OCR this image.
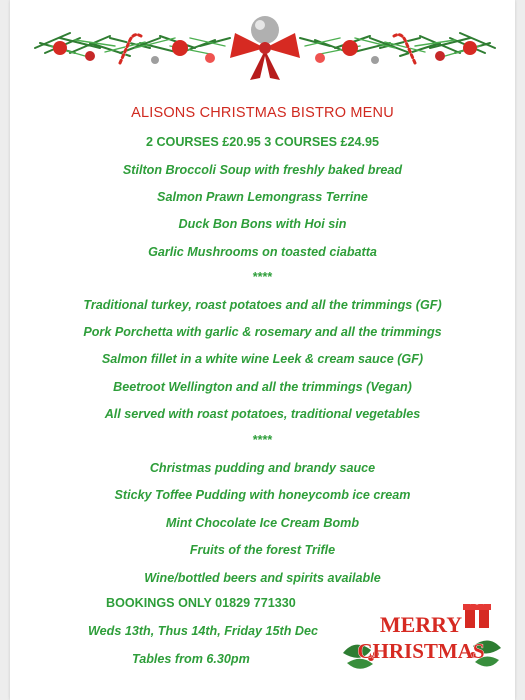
ALISONS CHRISTMAS BISTRO MENU
2 COURSES £20.95 3 COURSES £24.95
Stilton Broccoli Soup with freshly baked bread
Salmon Prawn Lemongrass Terrine
Duck Bon Bons with Hoi sin
Garlic Mushrooms on toasted ciabatta
****
Traditional turkey, roast potatoes and all the trimmings (GF)
Pork Porchetta with garlic & rosemary and all the trimmings
Salmon fillet in a white wine Leek & cream sauce (GF)
Beetroot Wellington and all the trimmings (Vegan)
All served with roast potatoes, traditional vegetables
****
Christmas pudding and brandy sauce
Sticky Toffee Pudding with honeycomb ice cream
Mint Chocolate Ice Cream Bomb
Fruits of the forest Trifle
Wine/bottled beers and spirits available
BOOKINGS ONLY 01829 771330
Weds 13th, Thus 14th, Friday 15th Dec
Tables from 6.30pm
MERRY
CHRISTMAS
